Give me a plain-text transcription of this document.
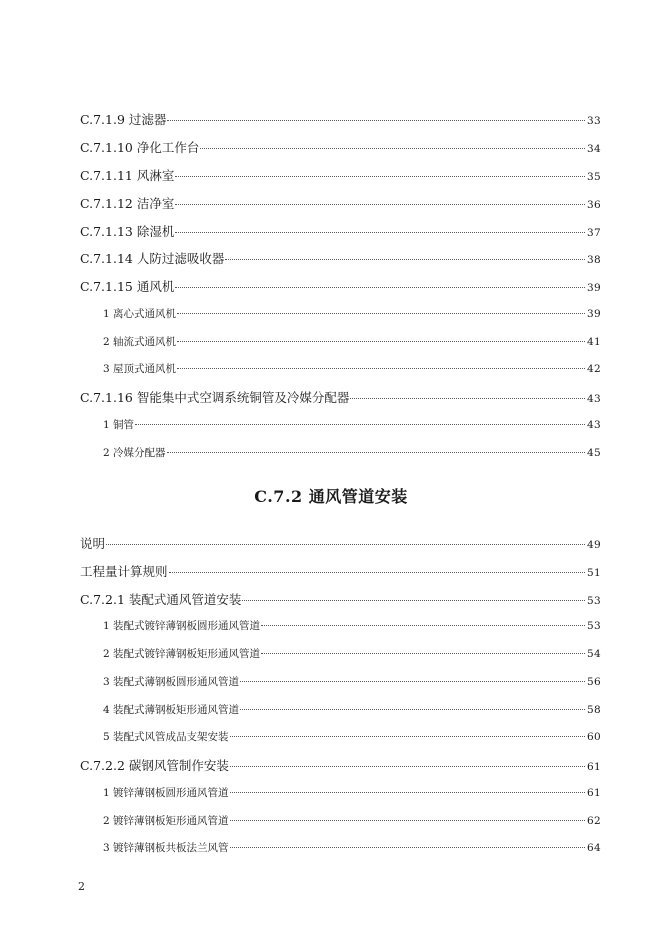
C.7.1.9 过滤器	33
C.7.1.10 净化工作台	34
C.7.1.11 风淋室	35
C.7.1.12 洁净室	36
C.7.1.13 除湿机	37
C.7.1.14 人防过滤吸收器	38
C.7.1.15 通风机	39
1 离心式通风机	39
2 轴流式通风机	41
3 屋顶式通风机	42
C.7.1.16 智能集中式空调系统铜管及冷媒分配器	43
1 铜管	43
2 冷媒分配器	45
C.7.2 通风管道安装
说明	49
工程量计算规则	51
C.7.2.1 装配式通风管道安装	53
1 装配式镀锌薄钢板圆形通风管道	53
2 装配式镀锌薄钢板矩形通风管道	54
3 装配式薄钢板圆形通风管道	56
4 装配式薄钢板矩形通风管道	58
5 装配式风管成品支架安装	60
C.7.2.2 碳钢风管制作安装	61
1 镀锌薄钢板圆形通风管道	61
2 镀锌薄钢板矩形通风管道	62
3 镀锌薄钢板共板法兰风管	64
2
